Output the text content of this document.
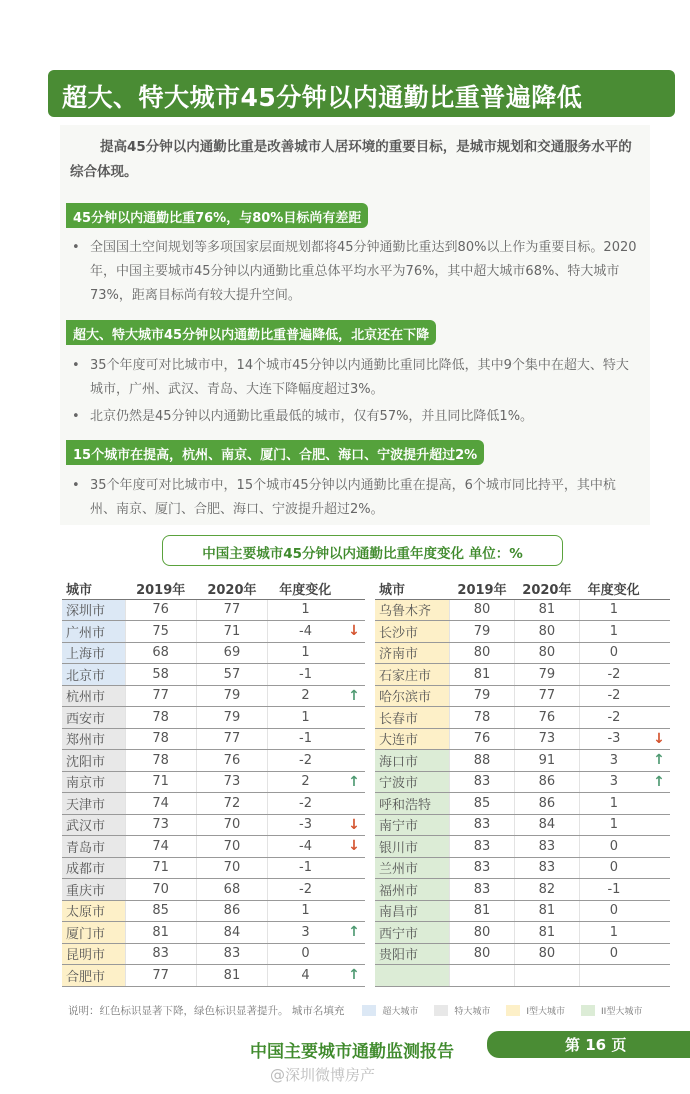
超大、特大城市45分钟以内通勤比重普遍降低
提高45分钟以内通勤比重是改善城市人居环境的重要目标，是城市规划和交通服务水平的综合体现。
45分钟以内通勤比重76%，与80%目标尚有差距
• 全国国土空间规划等多项国家层面规划都将45分钟通勤比重达到80%以上作为重要目标。2020年，中国主要城市45分钟以内通勤比重总体平均水平为76%，其中超大城市68%、特大城市73%，距离目标尚有较大提升空间。
超大、特大城市45分钟以内通勤比重普遍降低，北京还在下降
• 35个年度可对比城市中，14个城市45分钟以内通勤比重同比降低，其中9个集中在超大、特大城市，广州、武汉、青岛、大连下降幅度超过3%。
• 北京仍然是45分钟以内通勤比重最低的城市，仅有57%，并且同比降低1%。
15个城市在提高，杭州、南京、厦门、合肥、海口、宁波提升超过2%
• 35个年度可对比城市中，15个城市45分钟以内通勤比重在提高，6个城市同比持平，其中杭州、南京、厦门、合肥、海口、宁波提升超过2%。
中国主要城市45分钟以内通勤比重年度变化 单位：%
城市	2019年	2020年	年度变化	
深圳市	76	77	1	
广州市	75	71	-4	↓
上海市	68	69	1	
北京市	58	57	-1	
杭州市	77	79	2	↑
西安市	78	79	1	
郑州市	78	77	-1	
沈阳市	78	76	-2	
南京市	71	73	2	↑
天津市	74	72	-2	
武汉市	73	70	-3	↓
青岛市	74	70	-4	↓
成都市	71	70	-1	
重庆市	70	68	-2	
太原市	85	86	1	
厦门市	81	84	3	↑
昆明市	83	83	0	
合肥市	77	81	4	↑
城市	2019年	2020年	年度变化	
乌鲁木齐	80	81	1	
长沙市	79	80	1	
济南市	80	80	0	
石家庄市	81	79	-2	
哈尔滨市	79	77	-2	
长春市	78	76	-2	
大连市	76	73	-3	↓
海口市	88	91	3	↑
宁波市	83	86	3	↑
呼和浩特	85	86	1	
南宁市	83	84	1	
银川市	83	83	0	
兰州市	83	83	0	
福州市	83	82	-1	
南昌市	81	81	0	
西宁市	80	81	1	
贵阳市	80	80	0	

说明：红色标识显著下降，绿色标识显著提升。 城市名填充	超大城市	特大城市	I型大城市	II型大城市
中国主要城市通勤监测报告	第 16 页
@深圳微博房产
